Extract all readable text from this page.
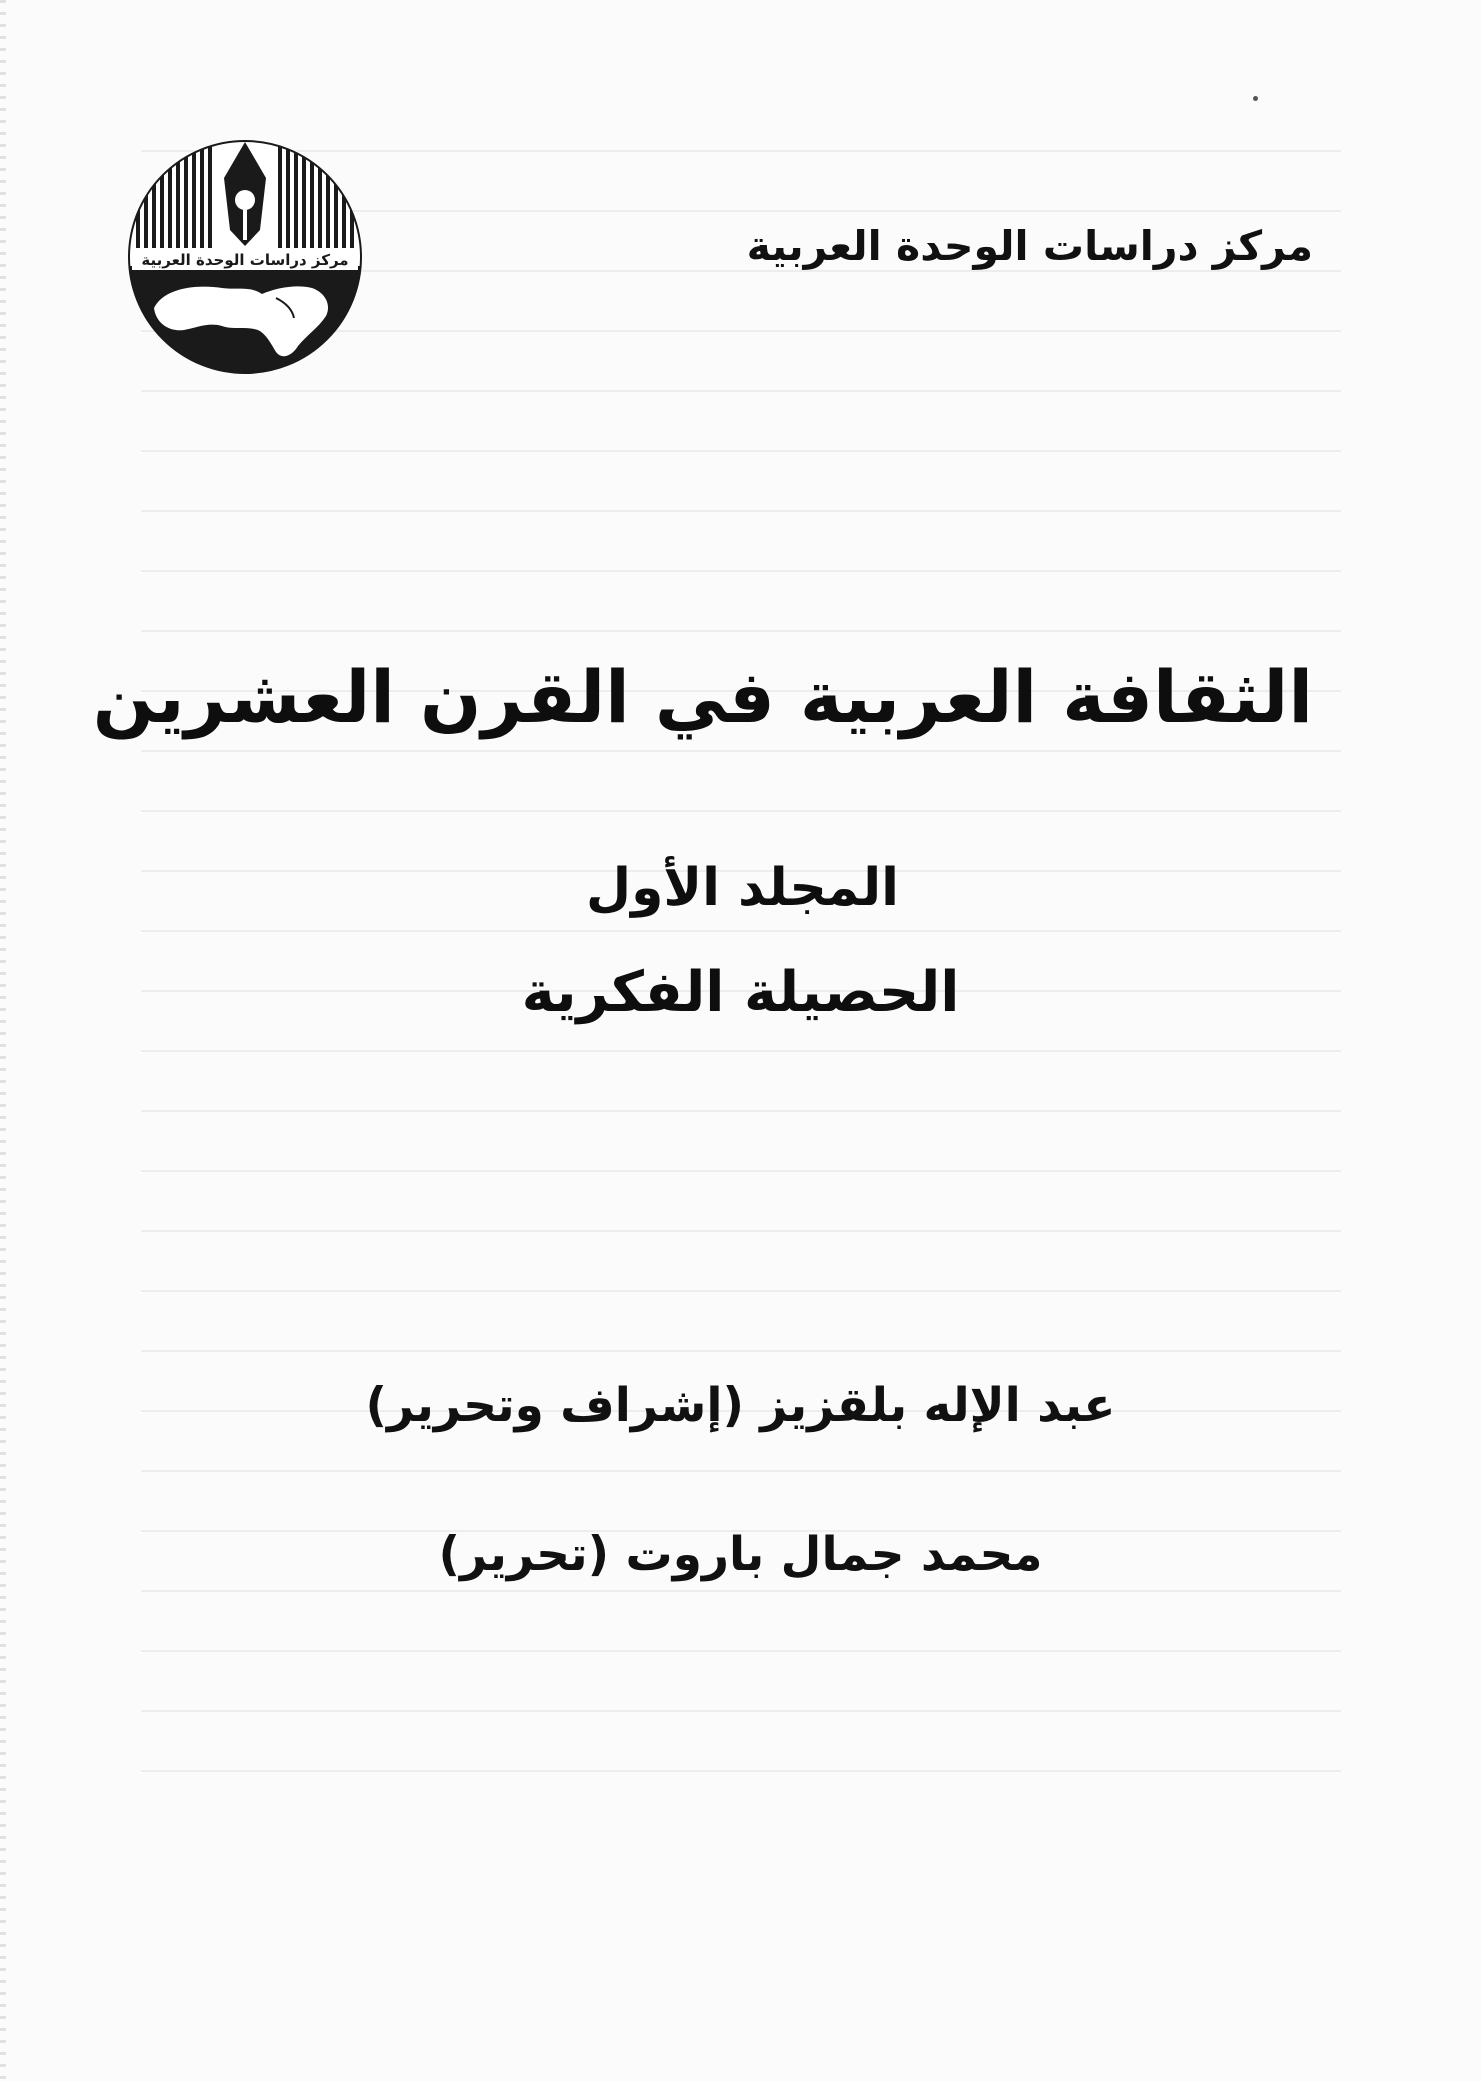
مركز دراسات الوحدة العربية	مركز دراسات الوحدة العربية
الثقافة العربية في القرن العشرين
المجلد الأول
الحصيلة الفكرية
عبد الإله بلقزيز (إشراف وتحرير)
محمد جمال باروت (تحرير)
